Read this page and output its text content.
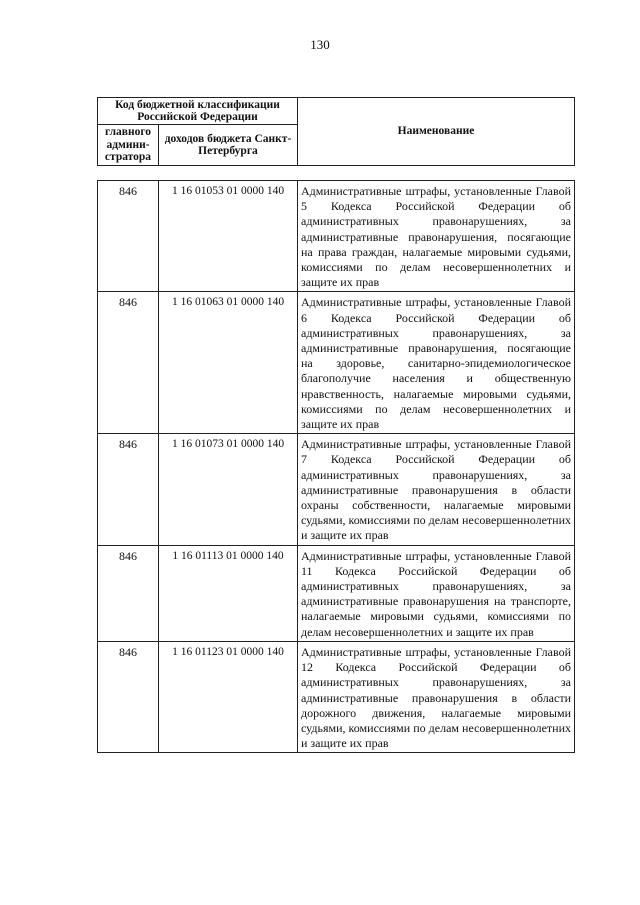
130
Код бюджетной классификации Российской Федерации		Наименование
главного админи-стратора	доходов бюджета Санкт-Петербурга	
846	1 16 01053 01 0000 140	Административные штрафы, установленные Главой 5 Кодекса Российской Федерации об административных правонарушениях, за административные правонарушения, посягающие на права граждан, налагаемые мировыми судьями, комиссиями по делам несовершеннолетних и защите их прав

846	1 16 01063 01 0000 140	Административные штрафы, установленные Главой 6 Кодекса Российской Федерации об административных правонарушениях, за административные правонарушения, посягающие на здоровье, санитарно-эпидемиологическое благополучие населения и общественную нравственность, налагаемые мировыми судьями, комиссиями по делам несовершеннолетних и защите их прав

846	1 16 01073 01 0000 140	Административные штрафы, установленные Главой 7 Кодекса Российской Федерации об административных правонарушениях, за административные правонарушения в области охраны собственности, налагаемые мировыми судьями, комиссиями по делам несовершеннолетних и защите их прав

846	1 16 01113 01 0000 140	Административные штрафы, установленные Главой 11 Кодекса Российской Федерации об административных правонарушениях, за административные правонарушения на транспорте, налагаемые мировыми судьями, комиссиями по делам несовершеннолетних и защите их прав

846	1 16 01123 01 0000 140	Административные штрафы, установленные Главой 12 Кодекса Российской Федерации об административных правонарушениях, за административные правонарушения в области дорожного движения, налагаемые мировыми судьями, комиссиями по делам несовершеннолетних и защите их прав
